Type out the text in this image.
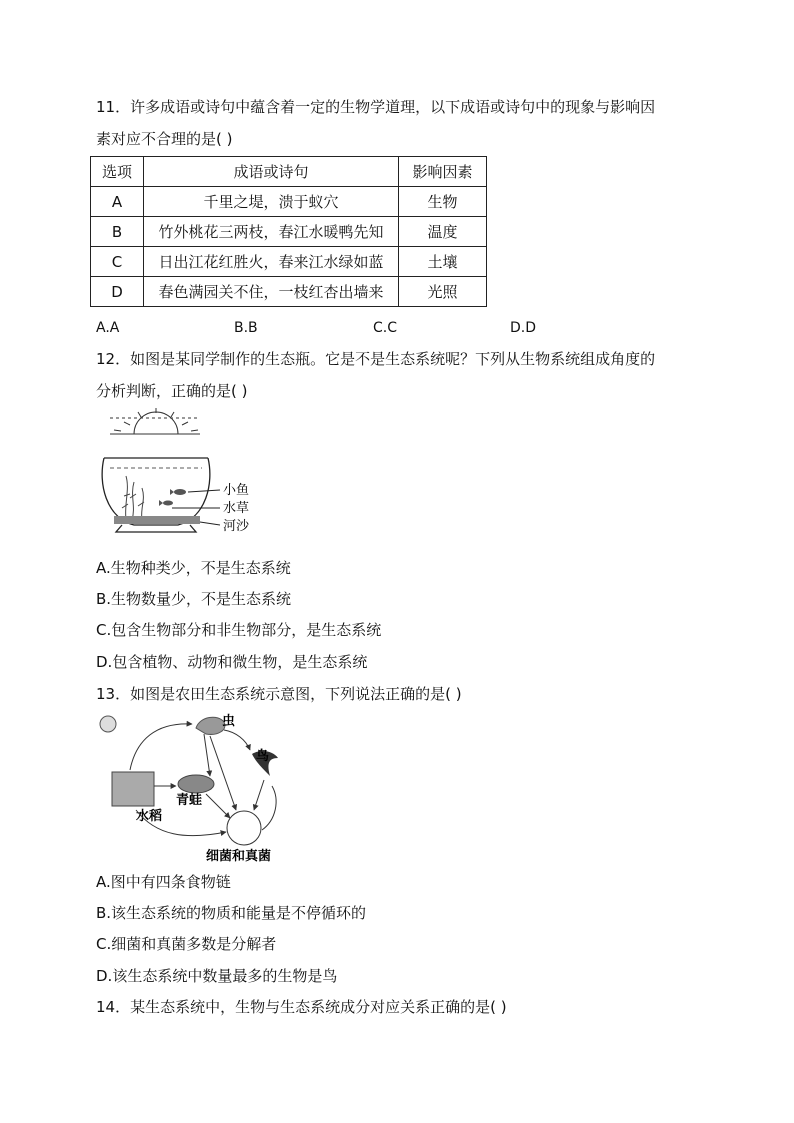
11．许多成语或诗句中蕴含着一定的生物学道理，以下成语或诗句中的现象与影响因
素对应不合理的是( )
选项	成语或诗句	影响因素
A	千里之堤，溃于蚁穴	生物
B	竹外桃花三两枝，春江水暖鸭先知	温度
C	日出江花红胜火，春来江水绿如蓝	土壤
D	春色满园关不住，一枝红杏出墙来	光照
A.A	B.B	C.C	D.D
12．如图是某同学制作的生态瓶。它是不是生态系统呢？下列从生物系统组成角度的
分析判断，正确的是( )
小鱼
水草
河沙
A.生物种类少，不是生态系统
B.生物数量少，不是生态系统
C.包含生物部分和非生物部分，是生态系统
D.包含植物、动物和微生物，是生态系统
13．如图是农田生态系统示意图，下列说法正确的是( )
虫
鸟
水稻
青蛙
细菌和真菌
A.图中有四条食物链
B.该生态系统的物质和能量是不停循环的
C.细菌和真菌多数是分解者
D.该生态系统中数量最多的生物是鸟
14．某生态系统中，生物与生态系统成分对应关系正确的是( )
